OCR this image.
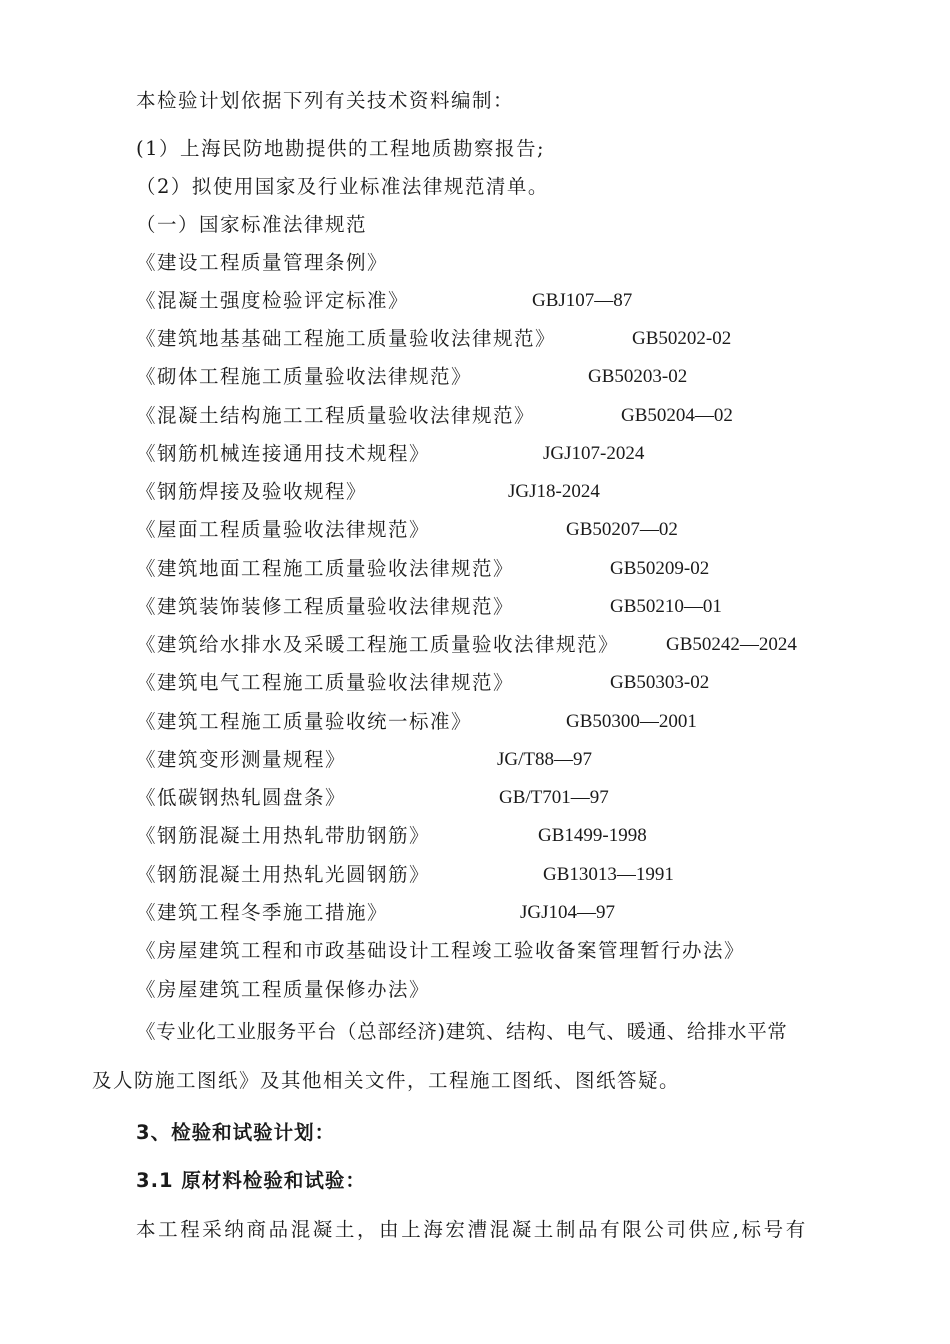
本检验计划依据下列有关技术资料编制：
(1）上海民防地勘提供的工程地质勘察报告;
（2）拟使用国家及行业标准法律规范清单。
（一）国家标准法律规范
《建设工程质量管理条例》
《混凝土强度检验评定标准》	GBJ107—87
《建筑地基基础工程施工质量验收法律规范》	GB50202-02
《砌体工程施工质量验收法律规范》	GB50203-02
《混凝土结构施工工程质量验收法律规范》	GB50204—02
《钢筋机械连接通用技术规程》	JGJ107-2024
《钢筋焊接及验收规程》	JGJ18-2024
《屋面工程质量验收法律规范》	GB50207—02
《建筑地面工程施工质量验收法律规范》	GB50209-02
《建筑装饰装修工程质量验收法律规范》	GB50210—01
《建筑给水排水及采暖工程施工质量验收法律规范》 GB50242—2024
《建筑电气工程施工质量验收法律规范》	GB50303-02
《建筑工程施工质量验收统一标准》	GB50300—2001
《建筑变形测量规程》	JG/T88—97
《低碳钢热轧圆盘条》	GB/T701—97
《钢筋混凝土用热轧带肋钢筋》	GB1499-1998
《钢筋混凝土用热轧光圆钢筋》	GB13013—1991
《建筑工程冬季施工措施》	JGJ104—97
《房屋建筑工程和市政基础设计工程竣工验收备案管理暂行办法》
《房屋建筑工程质量保修办法》
《专业化工业服务平台（总部经济)建筑、结构、电气、暖通、给排水平常
及人防施工图纸》及其他相关文件，工程施工图纸、图纸答疑。
3、检验和试验计划：
3.1 原材料检验和试验：
本工程采纳商品混凝土，由上海宏漕混凝土制品有限公司供应,标号有
